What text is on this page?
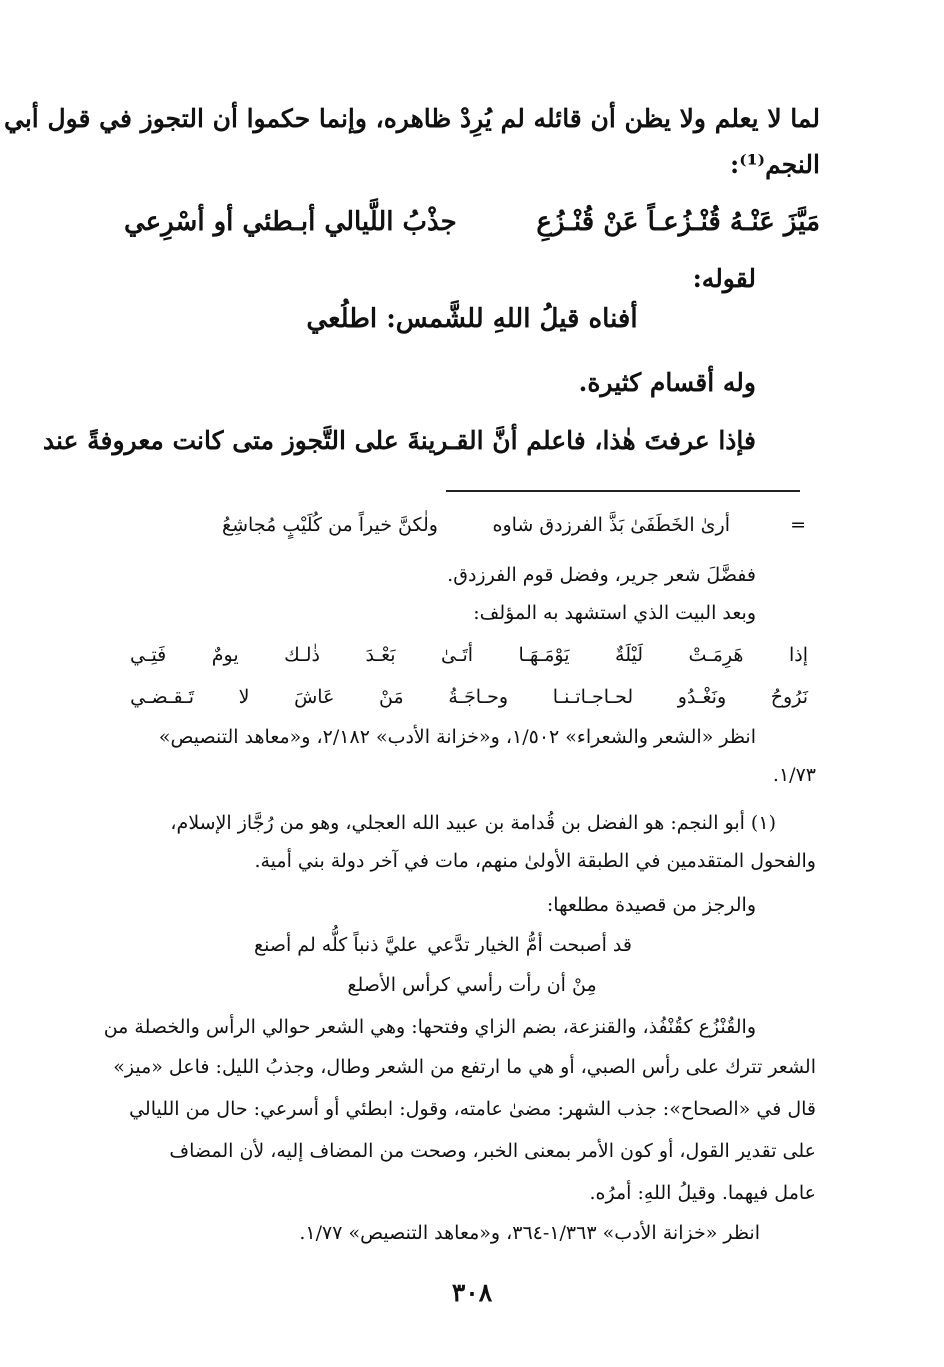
لما لا يعلم ولا يظن أن قائله لم يُرِدْ ظاهره، وإنما حكموا أن التجوز في قول أبي
النجم⁽¹⁾:
مَيَّزَ عَنْـهُ قُنْـزُعـاً عَنْ قُنْـزُعِ
جذْبُ اللَّيالي أبـطئي أو أسْرِعي
لقوله:
أفناه قيلُ اللهِ للشَّمس: اطلُعي
وله أقسام كثيرة.
فإذا عرفتَ هٰذا، فاعلم أنَّ القـرينةَ على التَّجوز متى كانت معروفةً عند
=
أرىٰ الخَطَفَىٰ بَذَّ الفرزدق شاوه
ولٰكنَّ خيراً من كُلَيْبٍ مُجاشِعُ
ففضَّلَ شعر جرير، وفضل قوم الفرزدق.
وبعد البيت الذي استشهد به المؤلف:
إذا
هَرِمَـتْ
لَيْلَةٌ
يَوْمَـهَـا
أتَـىٰ
بَعْـدَ
ذٰلـك
يومٌ
فَتِـي
نَرُوحُ
ونَغْـدُو
لحـاجـاتـنـا
وحـاجَـةُ
مَنْ
عَاشَ
لا
تَـقـضـي
انظر «الشعر والشعراء» ١/٥٠٢، و«خزانة الأدب» ٢/١٨٢، و«معاهد التنصيص»
١/٧٣.
(١) أبو النجم: هو الفضل بن قُدامة بن عبيد الله العجلي، وهو من رُجَّاز الإسلام،
والفحول المتقدمين في الطبقة الأولىٰ منهم، مات في آخر دولة بني أمية.
والرجز من قصيدة مطلعها:
قد أصبحت أمُّ الخيار تدَّعي
عليَّ ذنباً كلُّه لم أصنع
مِنْ أن رأت رأسي كرأس الأصلع
والقُنْزُع كقُنْفُذ، والقنزعة، بضم الزاي وفتحها: وهي الشعر حوالي الرأس والخصلة من
الشعر تترك على رأس الصبي، أو هي ما ارتفع من الشعر وطال، وجذبُ الليل: فاعل «ميز»
قال في «الصحاح»: جذب الشهر: مضىٰ عامته، وقول: ابطئي أو أسرعي: حال من الليالي
على تقدير القول، أو كون الأمر بمعنى الخبر، وصحت من المضاف إليه، لأن المضاف
عامل فيهما. وقيلُ اللهِ: أمرُه.
انظر «خزانة الأدب» ١/٣٦٣-٣٦٤، و«معاهد التنصيص» ١/٧٧.
٣٠٨
